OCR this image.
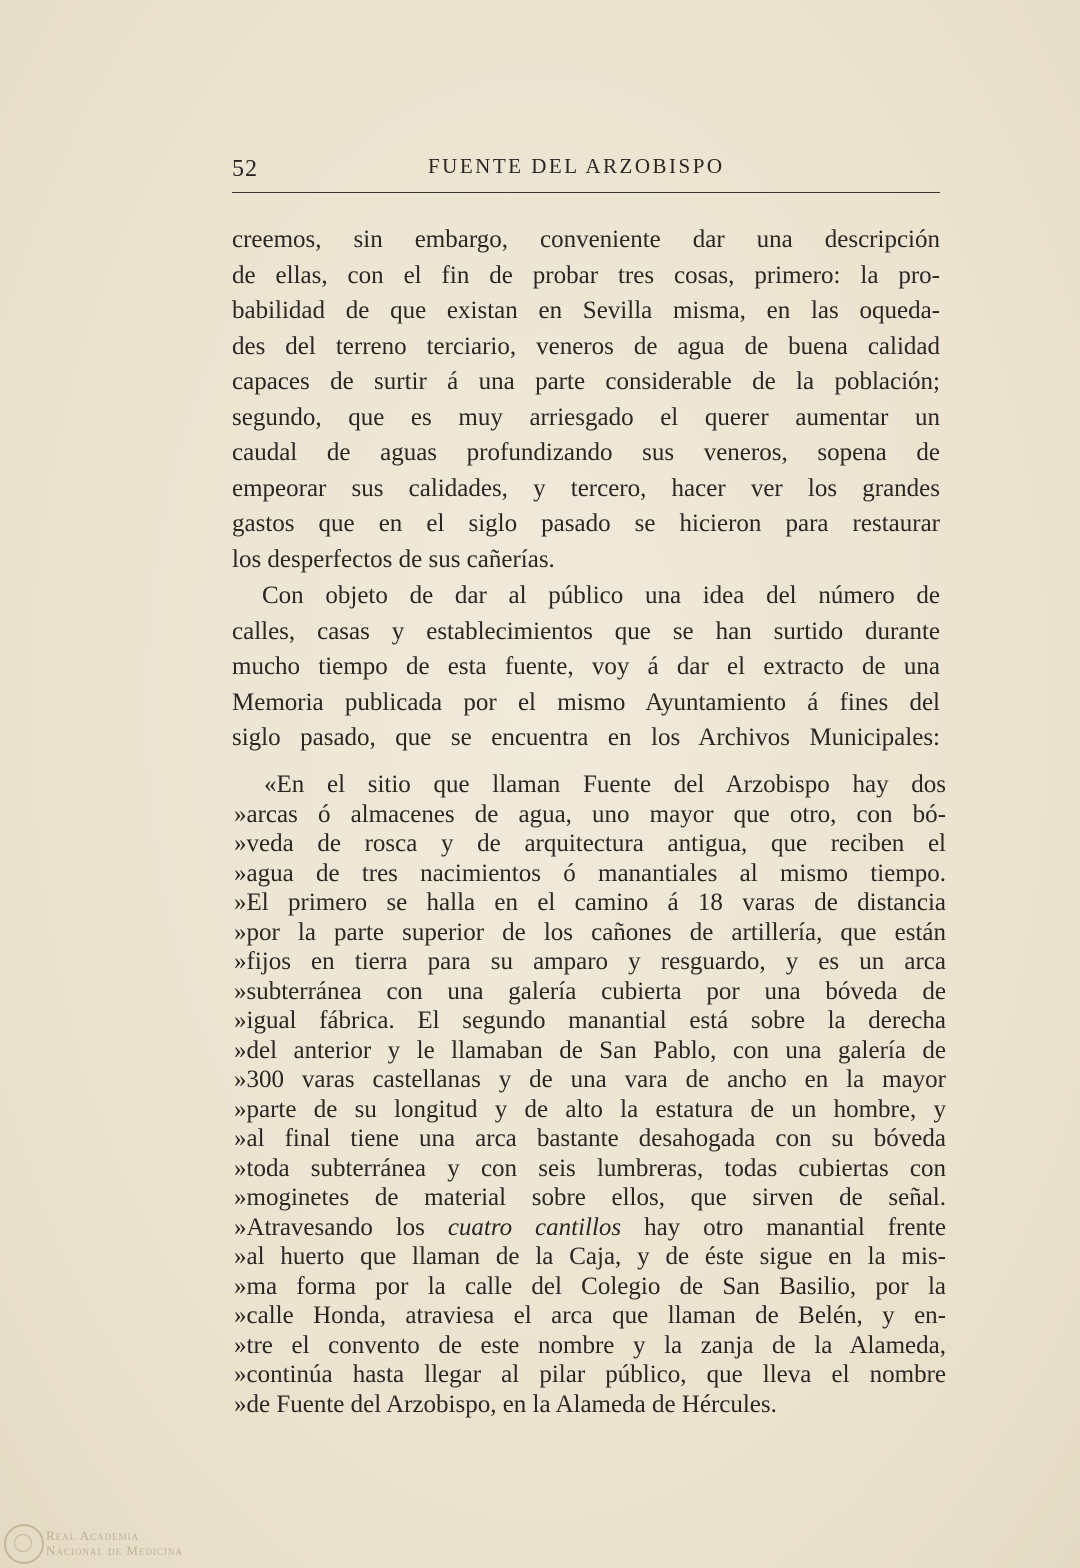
52	FUENTE DEL ARZOBISPO
creemos, sin embargo, conveniente dar una descripción
de ellas, con el fin de probar tres cosas, primero: la pro-
babilidad de que existan en Sevilla misma, en las oqueda-
des del terreno terciario, veneros de agua de buena calidad
capaces de surtir á una parte considerable de la población;
segundo, que es muy arriesgado el querer aumentar un
caudal de aguas profundizando sus veneros, sopena de
empeorar sus calidades, y tercero, hacer ver los grandes
gastos que en el siglo pasado se hicieron para restaurar
los desperfectos de sus cañerías.
Con objeto de dar al público una idea del número de
calles, casas y establecimientos que se han surtido durante
mucho tiempo de esta fuente, voy á dar el extracto de una
Memoria publicada por el mismo Ayuntamiento á fines del
siglo pasado, que se encuentra en los Archivos Municipales:
«En el sitio que llaman Fuente del Arzobispo hay dos
»arcas ó almacenes de agua, uno mayor que otro, con bó-
»veda de rosca y de arquitectura antigua, que reciben el
»agua de tres nacimientos ó manantiales al mismo tiempo.
»El primero se halla en el camino á 18 varas de distancia
»por la parte superior de los cañones de artillería, que están
»fijos en tierra para su amparo y resguardo, y es un arca
»subterránea con una galería cubierta por una bóveda de
»igual fábrica. El segundo manantial está sobre la derecha
»del anterior y le llamaban de San Pablo, con una galería de
»300 varas castellanas y de una vara de ancho en la mayor
»parte de su longitud y de alto la estatura de un hombre, y
»al final tiene una arca bastante desahogada con su bóveda
»toda subterránea y con seis lumbreras, todas cubiertas con
»moginetes de material sobre ellos, que sirven de señal.
»Atravesando los cuatro cantillos hay otro manantial frente
»al huerto que llaman de la Caja, y de éste sigue en la mis-
»ma forma por la calle del Colegio de San Basilio, por la
»calle Honda, atraviesa el arca que llaman de Belén, y en-
»tre el convento de este nombre y la zanja de la Alameda,
»continúa hasta llegar al pilar público, que lleva el nombre
»de Fuente del Arzobispo, en la Alameda de Hércules.
Real Academia
Nacional de Medicina
